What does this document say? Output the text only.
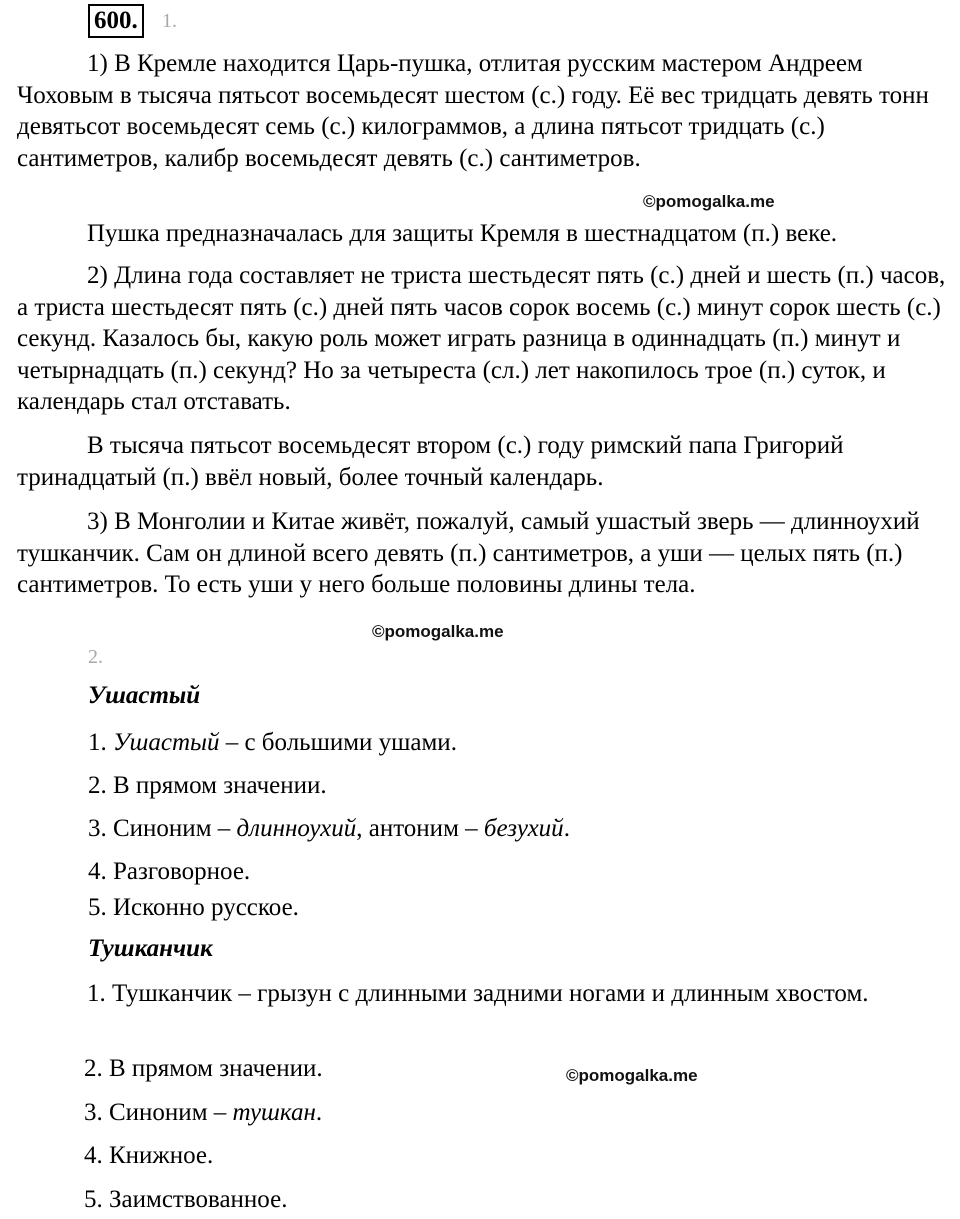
600.	1.

1) В Кремле находится Царь-пушка, отлитая русским мастером Андреем Чоховым в тысяча пятьсот восемьдесят шестом (с.) году. Её вес тридцать девять тонн девятьсот восемьдесят семь (с.) килограммов, а длина пятьсот тридцать (с.) сантиметров, калибр восемьдесят девять (с.) сантиметров.

©pomogalka.me

Пушка предназначалась для защиты Кремля в шестнадцатом (п.) веке.

2) Длина года составляет не триста шестьдесят пять (с.) дней и шесть (п.) часов, а триста шестьдесят пять (с.) дней пять часов сорок восемь (с.) минут сорок шесть (с.) секунд. Казалось бы, какую роль может играть разница в одиннадцать (п.) минут и четырнадцать (п.) секунд? Но за четыреста (сл.) лет накопилось трое (п.) суток, и календарь стал отставать.

В тысяча пятьсот восемьдесят втором (с.) году римский папа Григорий тринадцатый (п.) ввёл новый, более точный календарь.

3) В Монголии и Китае живёт, пожалуй, самый ушастый зверь — длинноухий тушканчик. Сам он длиной всего девять (п.) сантиметров, а уши — целых пять (п.) сантиметров. То есть уши у него больше половины длины тела.

©pomogalka.me
2.
Ушастый
1. Ушастый – с большими ушами.
2. В прямом значении.
3. Синоним – длинноухий, антоним – безухий.
4. Разговорное.
5. Исконно русское.
Тушканчик

1. Тушканчик – грызун с длинными задними ногами и длинным хвостом.

2. В прямом значении.	©pomogalka.me
3. Синоним – тушкан.
4. Книжное.
5. Заимствованное.
